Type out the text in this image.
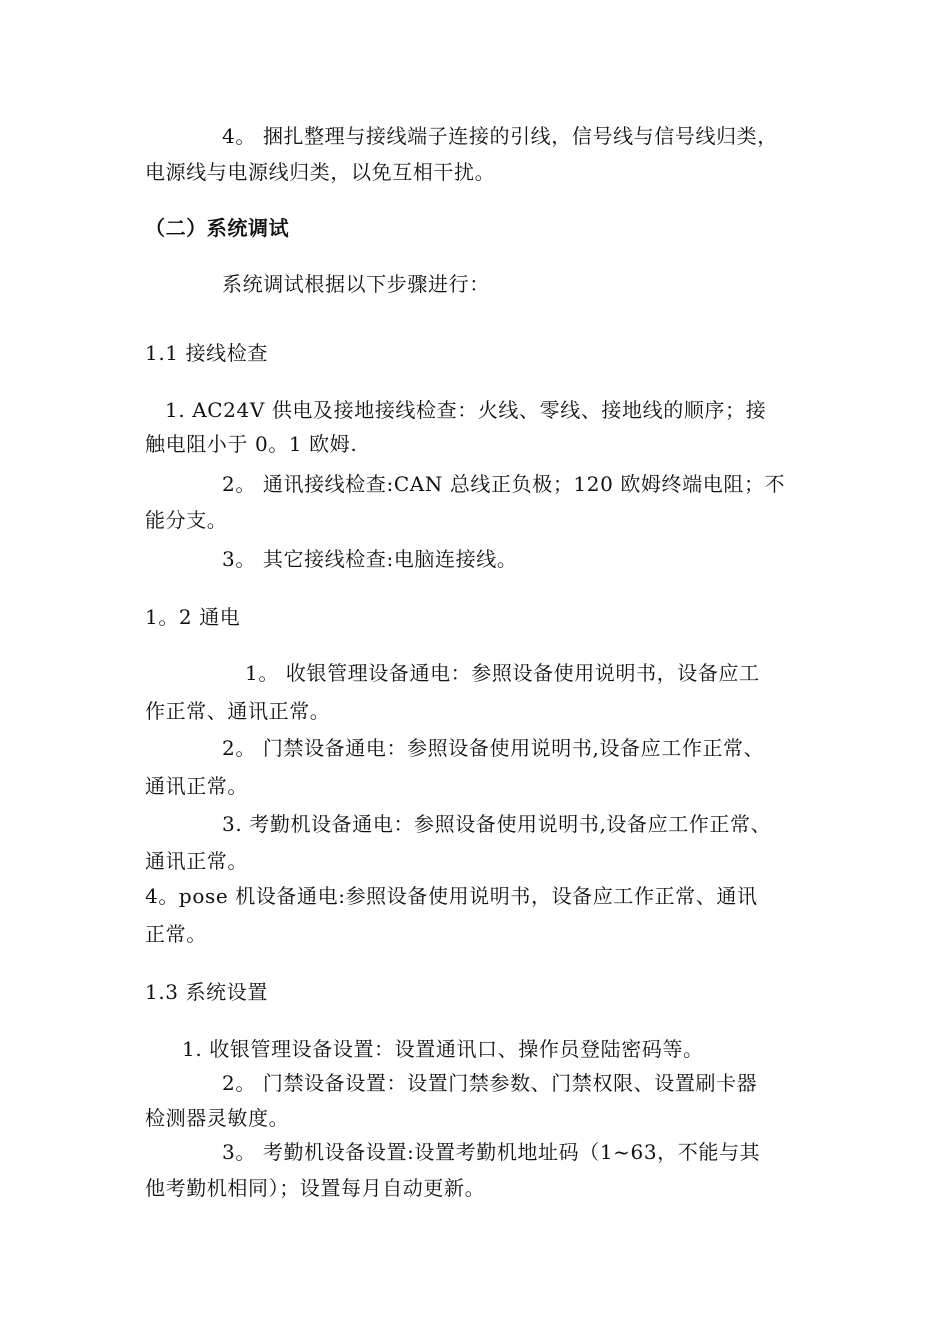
4。 捆扎整理与接线端子连接的引线，信号线与信号线归类，
电源线与电源线归类，以免互相干扰。
（二）系统调试
系统调试根据以下步骤进行：
1.1 接线检查
1. AC24V 供电及接地接线检查：火线、零线、接地线的顺序；接
触电阻小于 0。1 欧姆.
2。 通讯接线检查:CAN 总线正负极；120 欧姆终端电阻；不
能分支。
3。 其它接线检查:电脑连接线。
1。2 通电
1。 收银管理设备通电：参照设备使用说明书，设备应工
作正常、通讯正常。
2。 门禁设备通电：参照设备使用说明书,设备应工作正常、
通讯正常。
3. 考勤机设备通电：参照设备使用说明书,设备应工作正常、
通讯正常。
4。pose 机设备通电:参照设备使用说明书，设备应工作正常、通讯
正常。
1.3 系统设置
1. 收银管理设备设置：设置通讯口、操作员登陆密码等。
2。 门禁设备设置：设置门禁参数、门禁权限、设置刷卡器
检测器灵敏度。
3。 考勤机设备设置:设置考勤机地址码（1~63，不能与其
他考勤机相同）；设置每月自动更新。
